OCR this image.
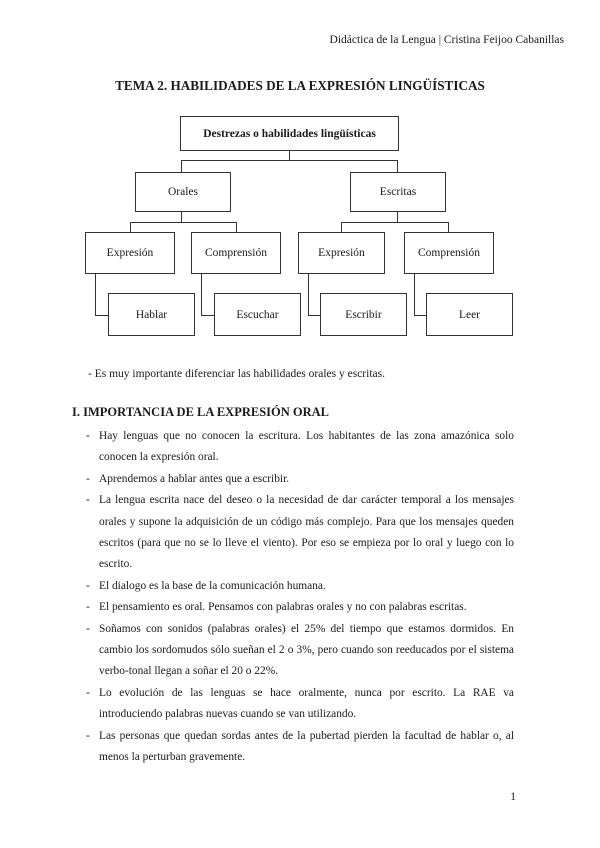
Didáctica de la Lengua | Cristina Feijoo Cabanillas
TEMA 2. HABILIDADES DE LA EXPRESIÓN LINGÜÍSTICAS
Destrezas o habilidades lingüísticas
Orales	Escritas
Expresión	Comprensión	Expresión	Comprensión
Hablar	Escuchar	Escribir	Leer
- Es muy importante diferenciar las habilidades orales y escritas.
I. IMPORTANCIA DE LA EXPRESIÓN ORAL
- Hay lenguas que no conocen la escritura. Los habitantes de las zona amazónica solo conocen la expresión oral.
- Aprendemos a hablar antes que a escribir.
- La lengua escrita nace del deseo o la necesidad de dar carácter temporal a los mensajes orales y supone la adquisición de un código más complejo. Para que los mensajes queden escritos (para que no se lo lleve el viento). Por eso se empieza por lo oral y luego con lo escrito.
- El dialogo es la base de la comunicación humana.
- El pensamiento es oral. Pensamos con palabras orales y no con palabras escritas.
- Soñamos con sonidos (palabras orales) el 25% del tiempo que estamos dormidos. En cambio los sordomudos sólo sueñan el 2 o 3%, pero cuando son reeducados por el sistema verbo-tonal llegan a soñar el 20 o 22%.
- Lo evolución de las lenguas se hace oralmente, nunca por escrito. La RAE va introduciendo palabras nuevas cuando se van utilizando.
- Las personas que quedan sordas antes de la pubertad pierden la facultad de hablar o, al menos la perturban gravemente.
1
